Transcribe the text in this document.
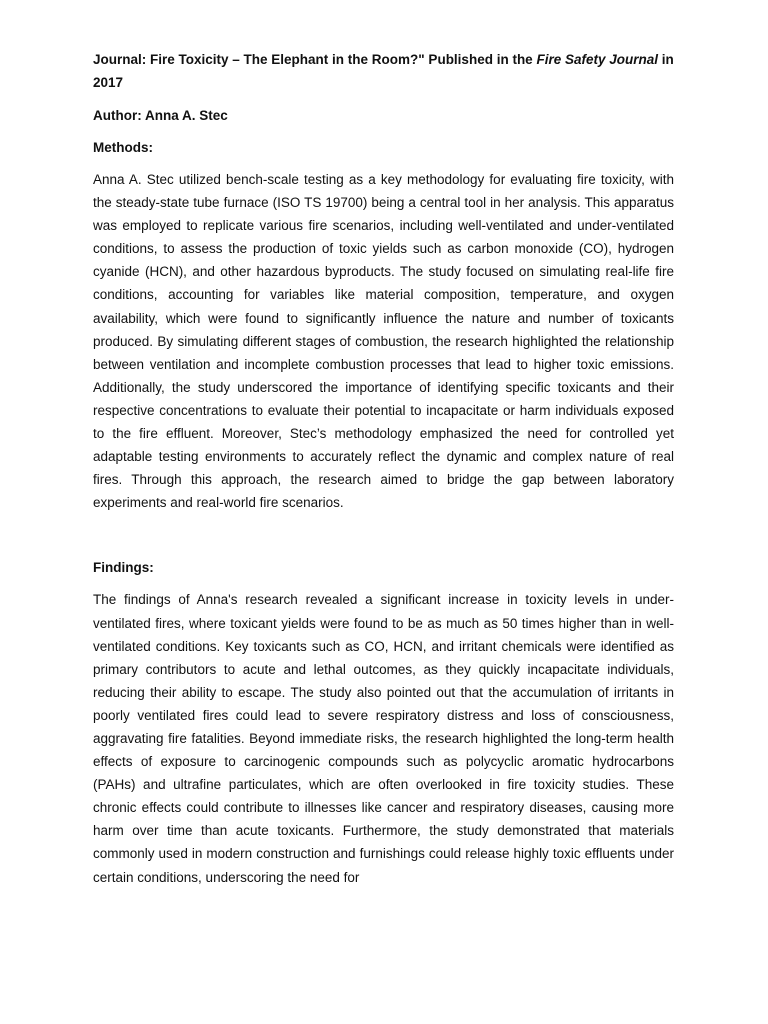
Journal: Fire Toxicity – The Elephant in the Room?" Published in the Fire Safety Journal in 2017

Author: Anna A. Stec

Methods:

Anna A. Stec utilized bench-scale testing as a key methodology for evaluating fire toxicity, with the steady-state tube furnace (ISO TS 19700) being a central tool in her analysis. This apparatus was employed to replicate various fire scenarios, including well-ventilated and under-ventilated conditions, to assess the production of toxic yields such as carbon monoxide (CO), hydrogen cyanide (HCN), and other hazardous byproducts. The study focused on simulating real-life fire conditions, accounting for variables like material composition, temperature, and oxygen availability, which were found to significantly influence the nature and number of toxicants produced. By simulating different stages of combustion, the research highlighted the relationship between ventilation and incomplete combustion processes that lead to higher toxic emissions. Additionally, the study underscored the importance of identifying specific toxicants and their respective concentrations to evaluate their potential to incapacitate or harm individuals exposed to the fire effluent. Moreover, Stec’s methodology emphasized the need for controlled yet adaptable testing environments to accurately reflect the dynamic and complex nature of real fires. Through this approach, the research aimed to bridge the gap between laboratory experiments and real-world fire scenarios.

Findings:

The findings of Anna's research revealed a significant increase in toxicity levels in under-ventilated fires, where toxicant yields were found to be as much as 50 times higher than in well-ventilated conditions. Key toxicants such as CO, HCN, and irritant chemicals were identified as primary contributors to acute and lethal outcomes, as they quickly incapacitate individuals, reducing their ability to escape. The study also pointed out that the accumulation of irritants in poorly ventilated fires could lead to severe respiratory distress and loss of consciousness, aggravating fire fatalities. Beyond immediate risks, the research highlighted the long-term health effects of exposure to carcinogenic compounds such as polycyclic aromatic hydrocarbons (PAHs) and ultrafine particulates, which are often overlooked in fire toxicity studies. These chronic effects could contribute to illnesses like cancer and respiratory diseases, causing more harm over time than acute toxicants. Furthermore, the study demonstrated that materials commonly used in modern construction and furnishings could release highly toxic effluents under certain conditions, underscoring the need for
